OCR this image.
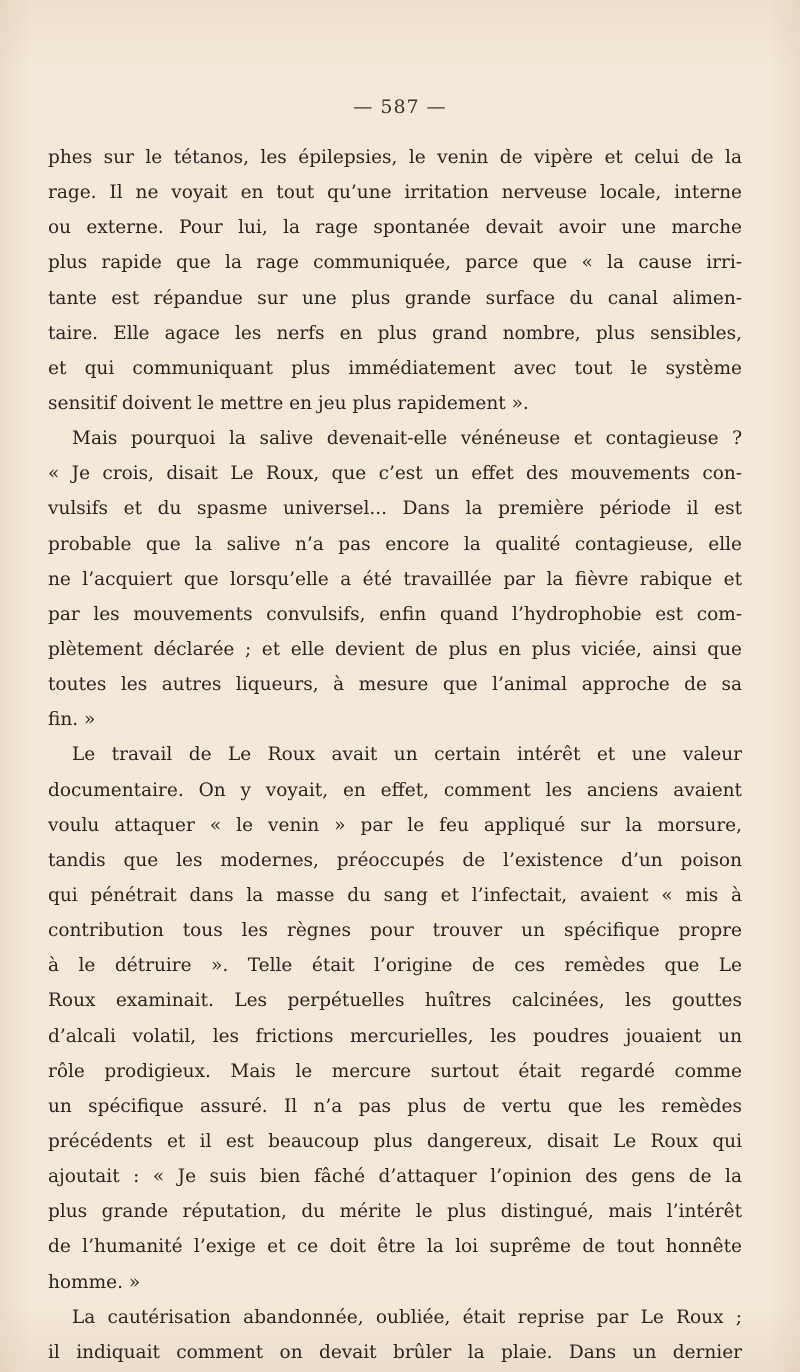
— 587 —
phes sur le tétanos, les épilepsies, le venin de vipère et celui de la
rage. Il ne voyait en tout qu’une irritation nerveuse locale, interne
ou externe. Pour lui, la rage spontanée devait avoir une marche
plus rapide que la rage communiquée, parce que « la cause irri-
tante est répandue sur une plus grande surface du canal alimen-
taire. Elle agace les nerfs en plus grand nombre, plus sensibles,
et qui communiquant plus immédiatement avec tout le système
sensitif doivent le mettre en jeu plus rapidement ».
Mais pourquoi la salive devenait-elle vénéneuse et contagieuse ?
« Je crois, disait Le Roux, que c’est un effet des mouvements con-
vulsifs et du spasme universel... Dans la première période il est
probable que la salive n’a pas encore la qualité contagieuse, elle
ne l’acquiert que lorsqu’elle a été travaillée par la fièvre rabique et
par les mouvements convulsifs, enfin quand l’hydrophobie est com-
plètement déclarée ; et elle devient de plus en plus viciée, ainsi que
toutes les autres liqueurs, à mesure que l’animal approche de sa
fin. »
Le travail de Le Roux avait un certain intérêt et une valeur
documentaire. On y voyait, en effet, comment les anciens avaient
voulu attaquer « le venin » par le feu appliqué sur la morsure,
tandis que les modernes, préoccupés de l’existence d’un poison
qui pénétrait dans la masse du sang et l’infectait, avaient « mis à
contribution tous les règnes pour trouver un spécifique propre
à le détruire ». Telle était l’origine de ces remèdes que Le
Roux examinait. Les perpétuelles huîtres calcinées, les gouttes
d’alcali volatil, les frictions mercurielles, les poudres jouaient un
rôle prodigieux. Mais le mercure surtout était regardé comme
un spécifique assuré. Il n’a pas plus de vertu que les remèdes
précédents et il est beaucoup plus dangereux, disait Le Roux qui
ajoutait : « Je suis bien fâché d’attaquer l’opinion des gens de la
plus grande réputation, du mérite le plus distingué, mais l’intérêt
de l’humanité l’exige et ce doit être la loi suprême de tout honnête
homme. »
La cautérisation abandonnée, oubliée, était reprise par Le Roux ;
il indiquait comment on devait brûler la plaie. Dans un dernier
